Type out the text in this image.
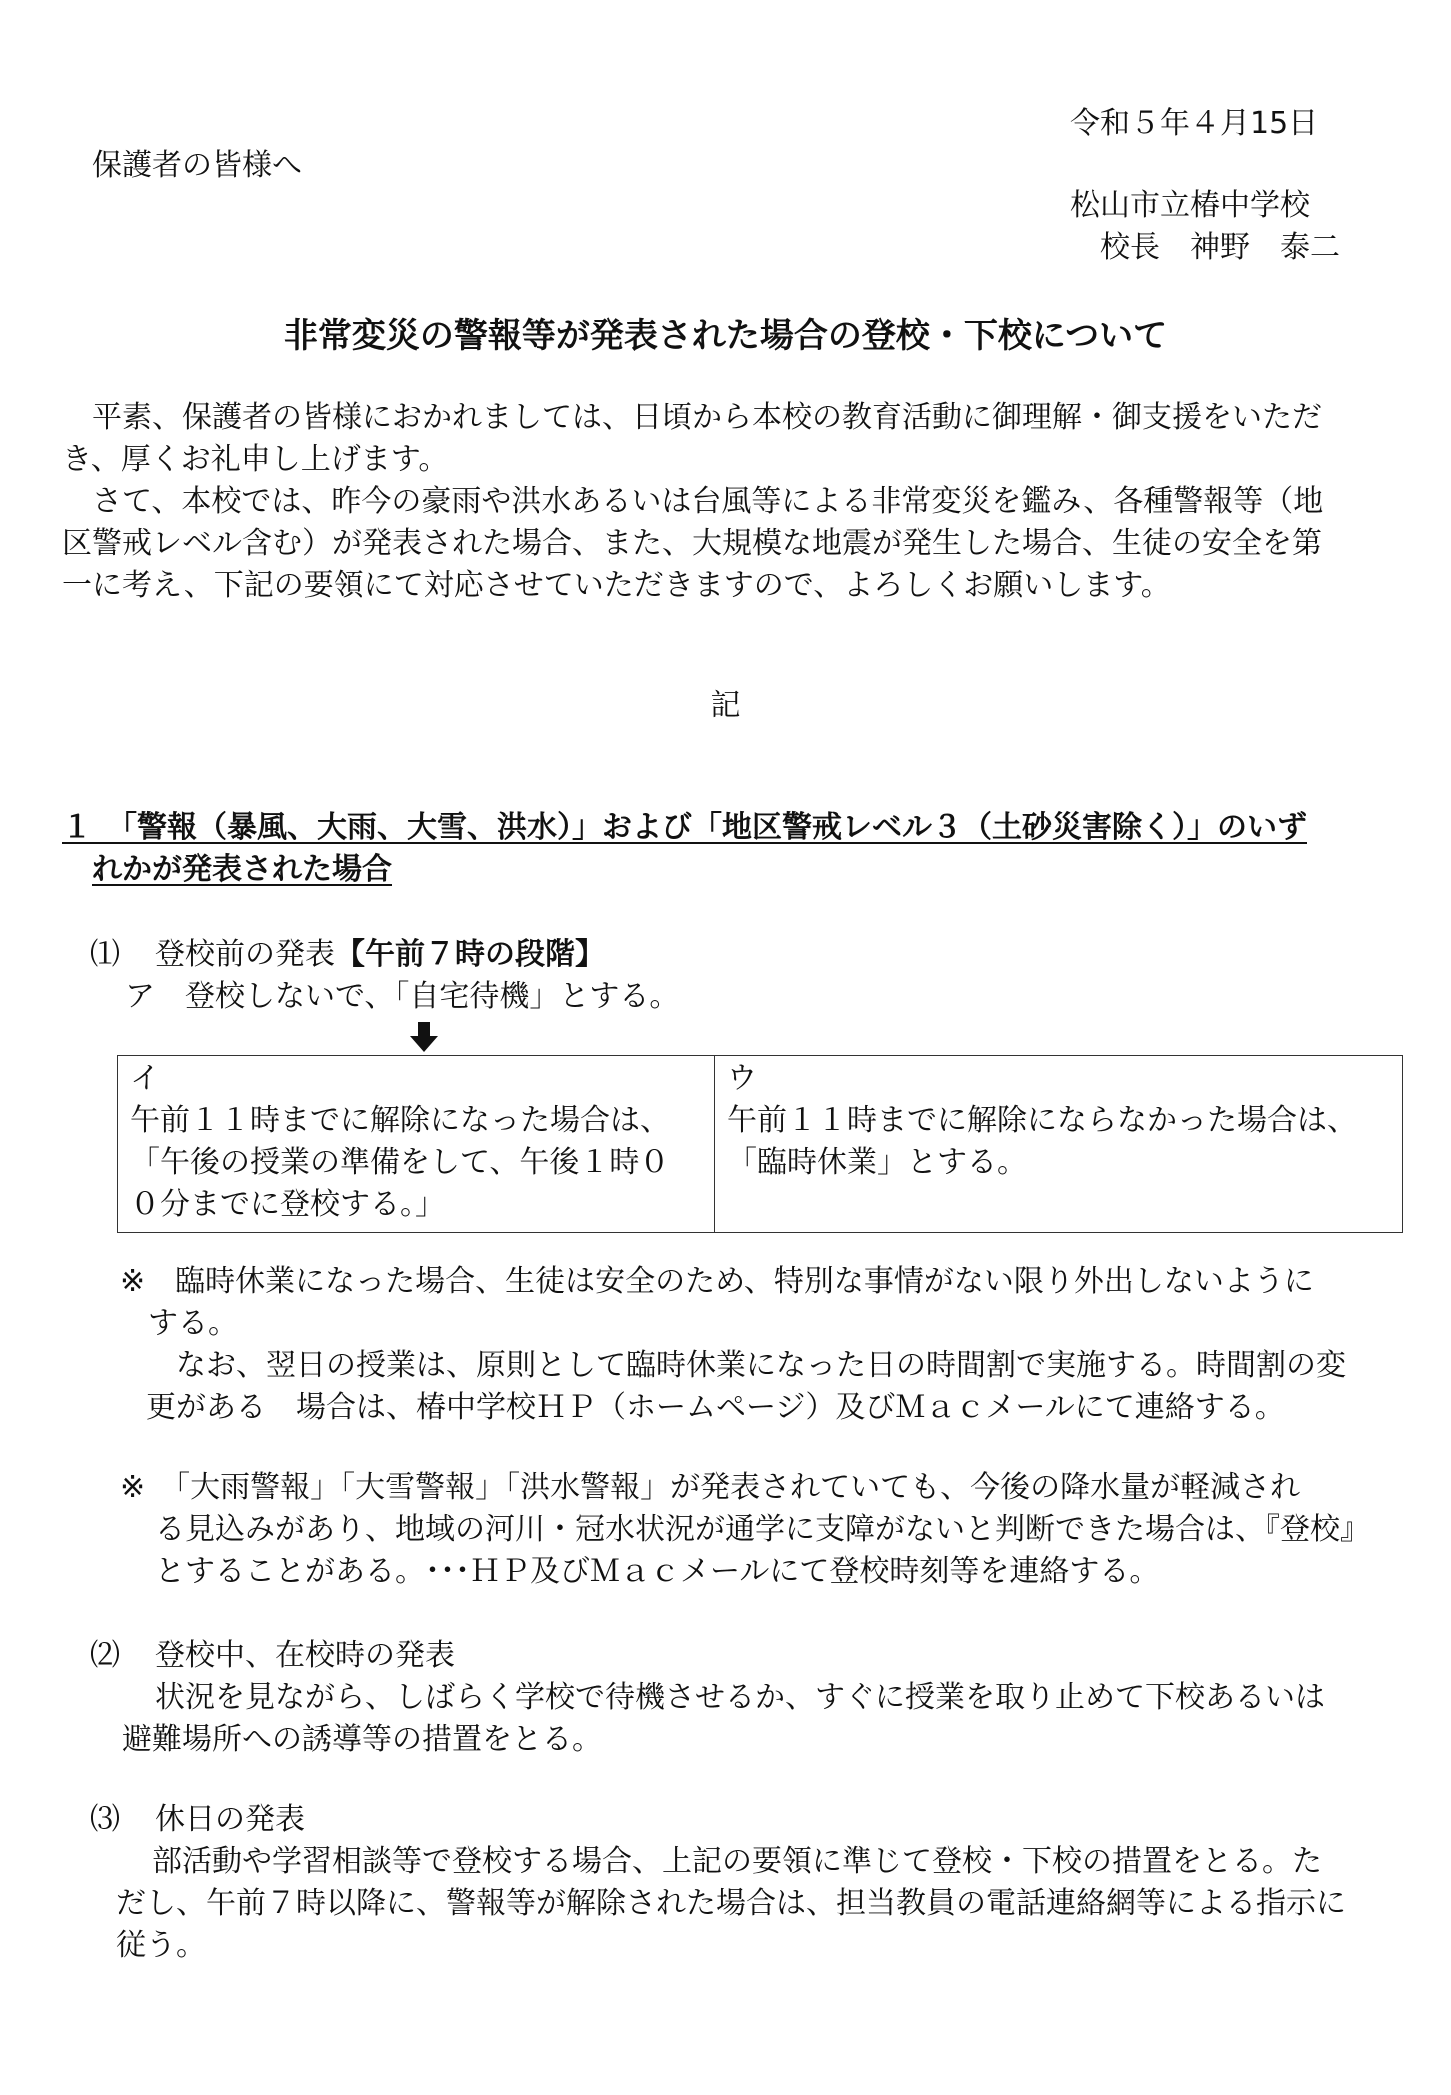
令和５年４月15日
保護者の皆様へ
松山市立椿中学校
校長　神野　泰二
非常変災の警報等が発表された場合の登校・下校について
平素、保護者の皆様におかれましては、日頃から本校の教育活動に御理解・御支援をいただ
き、厚くお礼申し上げます。
さて、本校では、昨今の豪雨や洪水あるいは台風等による非常変災を鑑み、各種警報等（地
区警戒レベル含む）が発表された場合、また、大規模な地震が発生した場合、生徒の安全を第
一に考え、下記の要領にて対応させていただきますので、よろしくお願いします。
記
１　「警報（暴風、大雨、大雪、洪水）」および「地区警戒レベル３（土砂災害除く）」のいず
れかが発表された場合
⑴ 登校前の発表【午前７時の段階】
ア　登校しないで、「自宅待機」とする。
イ
午前１１時までに解除になった場合は、
「午後の授業の準備をして、午後１時０
０分までに登校する。」

ウ
午前１１時までに解除にならなかった場合は、
「臨時休業」とする。
※　臨時休業になった場合、生徒は安全のため、特別な事情がない限り外出しないように
する。
なお、翌日の授業は、原則として臨時休業になった日の時間割で実施する。時間割の変
更がある　場合は、椿中学校ＨＰ（ホームページ）及びＭａｃメールにて連絡する。
※　「大雨警報」「大雪警報」「洪水警報」が発表されていても、今後の降水量が軽減され
る見込みがあり、地域の河川・冠水状況が通学に支障がないと判断できた場合は、『登校』
とすることがある。･･･ＨＰ及びＭａｃメールにて登校時刻等を連絡する。
⑵ 登校中、在校時の発表
状況を見ながら、しばらく学校で待機させるか、すぐに授業を取り止めて下校あるいは
避難場所への誘導等の措置をとる。
⑶ 休日の発表
部活動や学習相談等で登校する場合、上記の要領に準じて登校・下校の措置をとる。た
だし、午前７時以降に、警報等が解除された場合は、担当教員の電話連絡網等による指示に
従う。
